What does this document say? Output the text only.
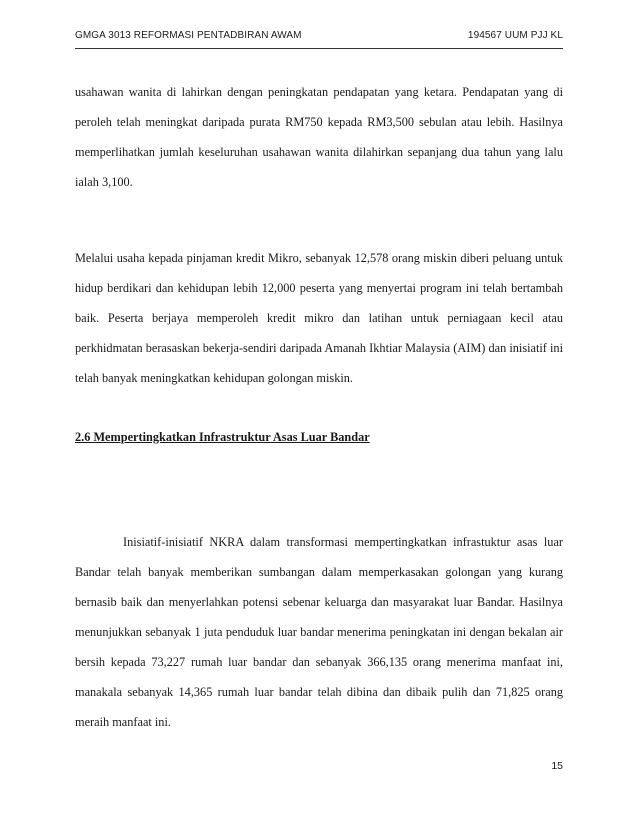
GMGA 3013 REFORMASI PENTADBIRAN AWAM	194567 UUM PJJ KL

usahawan wanita di lahirkan dengan peningkatan pendapatan yang ketara. Pendapatan yang di peroleh telah meningkat daripada purata RM750 kepada RM3,500 sebulan atau lebih. Hasilnya memperlihatkan jumlah keseluruhan usahawan wanita dilahirkan sepanjang dua tahun yang lalu ialah 3,100.

Melalui usaha kepada pinjaman kredit Mikro, sebanyak 12,578 orang miskin diberi peluang untuk hidup berdikari dan kehidupan lebih 12,000 peserta yang menyertai program ini telah bertambah baik. Peserta berjaya memperoleh kredit mikro dan latihan untuk perniagaan kecil atau perkhidmatan berasaskan bekerja-sendiri daripada Amanah Ikhtiar Malaysia (AIM) dan inisiatif ini telah banyak meningkatkan kehidupan golongan miskin.

2.6 Mempertingkatkan Infrastruktur Asas Luar Bandar

Inisiatif-inisiatif NKRA dalam transformasi mempertingkatkan infrastuktur asas luar Bandar telah banyak memberikan sumbangan dalam memperkasakan golongan yang kurang bernasib baik dan menyerlahkan potensi sebenar keluarga dan masyarakat luar Bandar. Hasilnya menunjukkan sebanyak 1 juta penduduk luar bandar menerima peningkatan ini dengan bekalan air bersih kepada 73,227 rumah luar bandar dan sebanyak 366,135 orang menerima manfaat ini, manakala sebanyak 14,365 rumah luar bandar telah dibina dan dibaik pulih dan 71,825 orang meraih manfaat ini.

15
